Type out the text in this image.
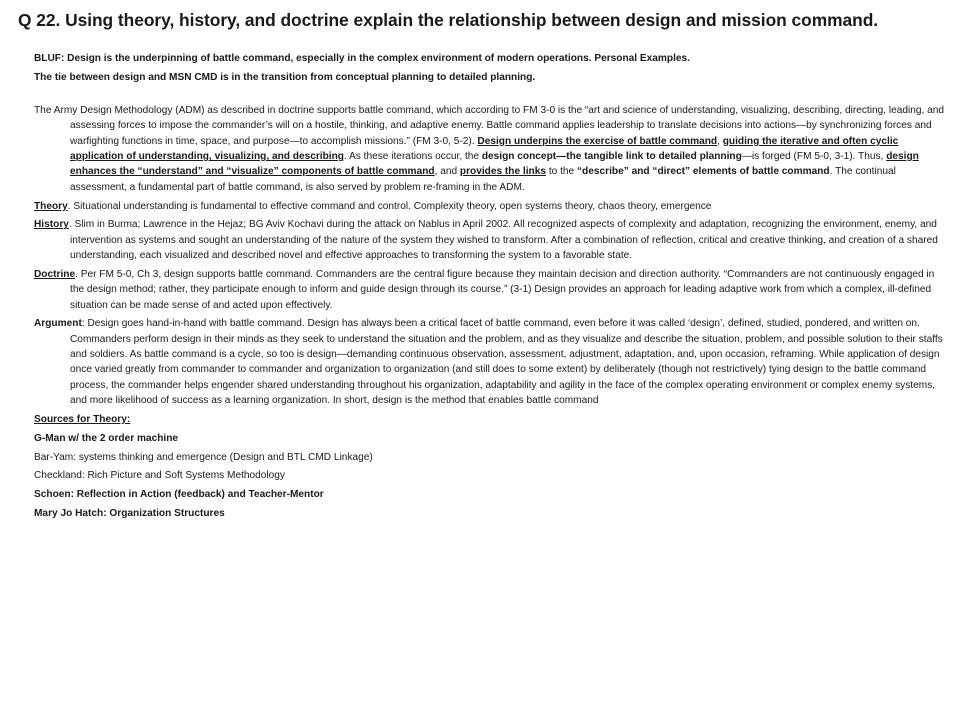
Q 22. Using theory, history, and doctrine explain the relationship between design and mission command.

BLUF: Design is the underpinning of battle command, especially in the complex environment of modern operations. Personal Examples.

The tie between design and MSN CMD is in the transition from conceptual planning to detailed planning.

The Army Design Methodology (ADM) as described in doctrine supports battle command, which according to FM 3-0 is the “art and science of understanding, visualizing, describing, directing, leading, and assessing forces to impose the commander’s will on a hostile, thinking, and adaptive enemy. Battle command applies leadership to translate decisions into actions—by synchronizing forces and warfighting functions in time, space, and purpose—to accomplish missions.” (FM 3-0, 5-2). Design underpins the exercise of battle command, guiding the iterative and often cyclic application of understanding, visualizing, and describing. As these iterations occur, the design concept—the tangible link to detailed planning—is forged (FM 5-0, 3-1). Thus, design enhances the “understand” and “visualize” components of battle command, and provides the links to the “describe” and “direct” elements of battle command. The continual assessment, a fundamental part of battle command, is also served by problem re-framing in the ADM.

Theory. Situational understanding is fundamental to effective command and control. Complexity theory, open systems theory, chaos theory, emergence

History. Slim in Burma; Lawrence in the Hejaz; BG Aviv Kochavi during the attack on Nablus in April 2002. All recognized aspects of complexity and adaptation, recognizing the environment, enemy, and intervention as systems and sought an understanding of the nature of the system they wished to transform. After a combination of reflection, critical and creative thinking, and creation of a shared understanding, each visualized and described novel and effective approaches to transforming the system to a favorable state.

Doctrine. Per FM 5-0, Ch 3, design supports battle command. Commanders are the central figure because they maintain decision and direction authority. “Commanders are not continuously engaged in the design method; rather, they participate enough to inform and guide design through its course.” (3-1) Design provides an approach for leading adaptive work from which a complex, ill-defined situation can be made sense of and acted upon effectively.

Argument: Design goes hand-in-hand with battle command. Design has always been a critical facet of battle command, even before it was called ‘design’, defined, studied, pondered, and written on. Commanders perform design in their minds as they seek to understand the situation and the problem, and as they visualize and describe the situation, problem, and possible solution to their staffs and soldiers. As battle command is a cycle, so too is design—demanding continuous observation, assessment, adjustment, adaptation, and, upon occasion, reframing. While application of design once varied greatly from commander to commander and organization to organization (and still does to some extent) by deliberately (though not restrictively) tying design to the battle command process, the commander helps engender shared understanding throughout his organization, adaptability and agility in the face of the complex operating environment or complex enemy systems, and more likelihood of success as a learning organization. In short, design is the method that enables battle command

Sources for Theory:

G-Man w/ the 2 order machine

Bar-Yam: systems thinking and emergence (Design and BTL CMD Linkage)

Checkland: Rich Picture and Soft Systems Methodology

Schoen: Reflection in Action (feedback) and Teacher-Mentor

Mary Jo Hatch: Organization Structures
